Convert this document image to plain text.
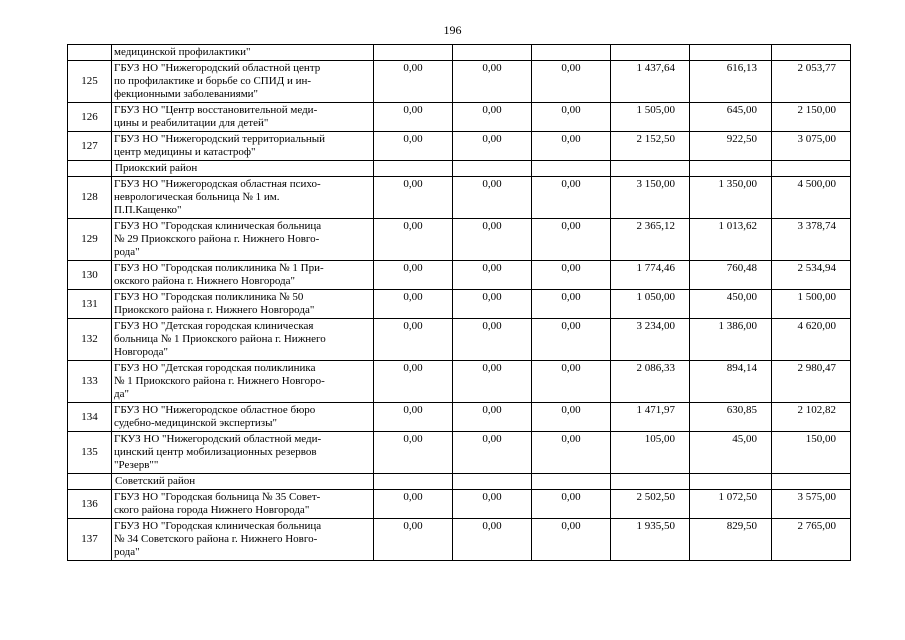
196
	медицинской профилактики"						
125	ГБУЗ НО "Нижегородский областной центр
по профилактике и борьбе со СПИД и ин-
фекционными заболеваниями"	0,00	0,00	0,00	1 437,64	616,13	2 053,77
126	ГБУЗ НО "Центр восстановительной меди-
цины и реабилитации для детей"	0,00	0,00	0,00	1 505,00	645,00	2 150,00
127	ГБУЗ НО "Нижегородский территориальный
центр медицины и катастроф"	0,00	0,00	0,00	2 152,50	922,50	3 075,00
	Приокский район						
128	ГБУЗ НО "Нижегородская областная психо-
неврологическая больница № 1 им.
П.П.Кащенко"	0,00	0,00	0,00	3 150,00	1 350,00	4 500,00
129	ГБУЗ НО "Городская клиническая больница
№ 29 Приокского района г. Нижнего Новго-
рода"	0,00	0,00	0,00	2 365,12	1 013,62	3 378,74
130	ГБУЗ НО "Городская поликлиника № 1 При-
окского района г. Нижнего Новгорода"	0,00	0,00	0,00	1 774,46	760,48	2 534,94
131	ГБУЗ НО "Городская поликлиника № 50
Приокского района г. Нижнего Новгорода"	0,00	0,00	0,00	1 050,00	450,00	1 500,00
132	ГБУЗ НО "Детская городская клиническая
больница № 1 Приокского района г. Нижнего
Новгорода"	0,00	0,00	0,00	3 234,00	1 386,00	4 620,00
133	ГБУЗ НО "Детская городская поликлиника
№ 1 Приокского района г. Нижнего Новгоро-
да"	0,00	0,00	0,00	2 086,33	894,14	2 980,47
134	ГБУЗ НО "Нижегородское областное бюро
судебно-медицинской экспертизы"	0,00	0,00	0,00	1 471,97	630,85	2 102,82
135	ГКУЗ НО "Нижегородский областной меди-
цинский центр мобилизационных резервов
"Резерв""	0,00	0,00	0,00	105,00	45,00	150,00
	Советский район						
136	ГБУЗ НО "Городская больница № 35 Совет-
ского района города Нижнего Новгорода"	0,00	0,00	0,00	2 502,50	1 072,50	3 575,00
137	ГБУЗ НО "Городская клиническая больница
№ 34 Советского района г. Нижнего Новго-
рода"	0,00	0,00	0,00	1 935,50	829,50	2 765,00
